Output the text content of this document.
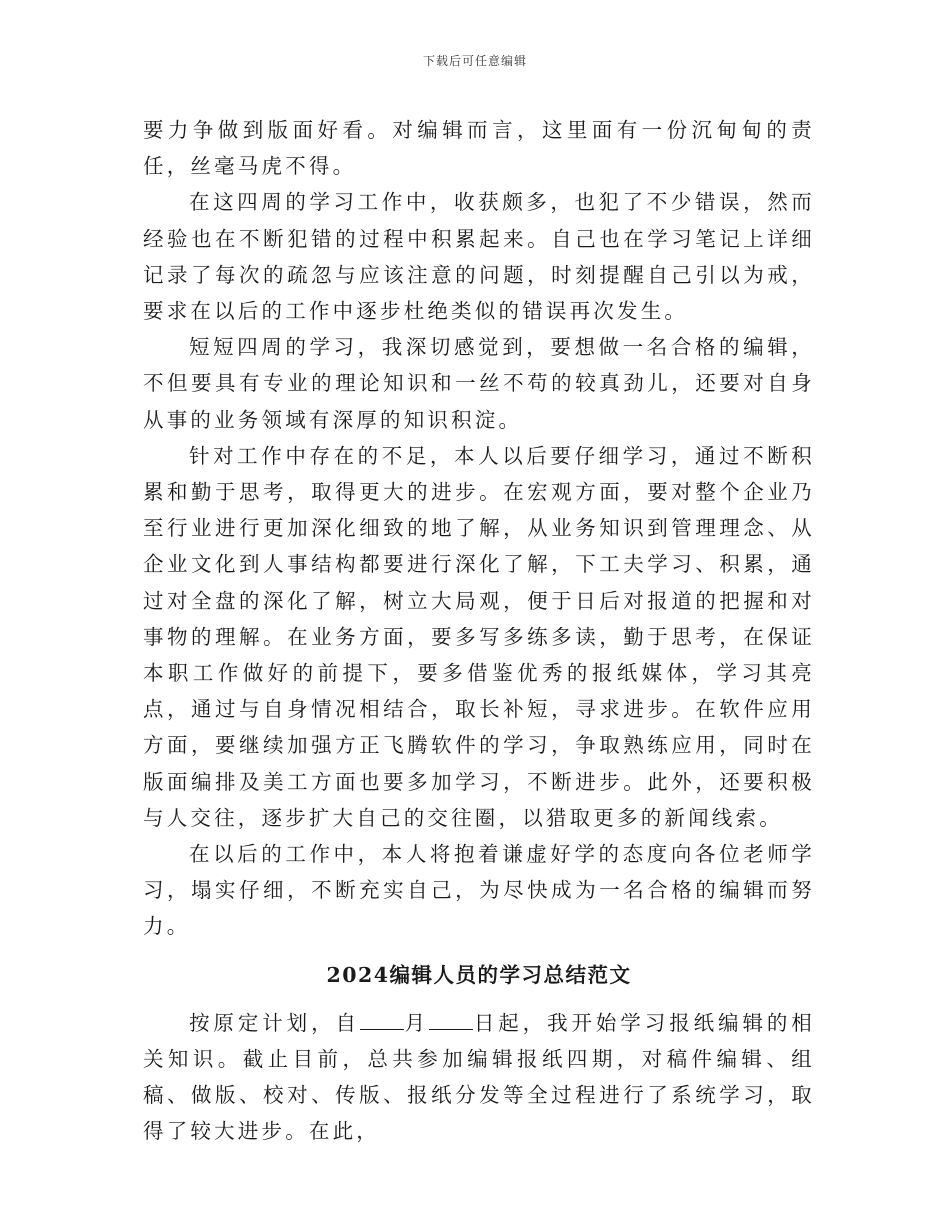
下载后可任意编辑

要力争做到版面好看。对编辑而言，这里面有一份沉甸甸的责任，丝毫马虎不得。

在这四周的学习工作中，收获颇多，也犯了不少错误，然而经验也在不断犯错的过程中积累起来。自己也在学习笔记上详细记录了每次的疏忽与应该注意的问题，时刻提醒自己引以为戒，要求在以后的工作中逐步杜绝类似的错误再次发生。

短短四周的学习，我深切感觉到，要想做一名合格的编辑，不但要具有专业的理论知识和一丝不苟的较真劲儿，还要对自身从事的业务领域有深厚的知识积淀。

针对工作中存在的不足，本人以后要仔细学习，通过不断积累和勤于思考，取得更大的进步。在宏观方面，要对整个企业乃至行业进行更加深化细致的地了解，从业务知识到管理理念、从企业文化到人事结构都要进行深化了解，下工夫学习、积累，通过对全盘的深化了解，树立大局观，便于日后对报道的把握和对事物的理解。在业务方面，要多写多练多读，勤于思考，在保证本职工作做好的前提下，要多借鉴优秀的报纸媒体，学习其亮点，通过与自身情况相结合，取长补短，寻求进步。在软件应用方面，要继续加强方正飞腾软件的学习，争取熟练应用，同时在版面编排及美工方面也要多加学习，不断进步。此外，还要积极与人交往，逐步扩大自己的交往圈，以猎取更多的新闻线索。

在以后的工作中，本人将抱着谦虚好学的态度向各位老师学习，塌实仔细，不断充实自己，为尽快成为一名合格的编辑而努力。

2024编辑人员的学习总结范文

按原定计划，自 月 日起，我开始学习报纸编辑的相关知识。截止目前，总共参加编辑报纸四期，对稿件编辑、组稿、做版、校对、传版、报纸分发等全过程进行了系统学习，取得了较大进步。在此，
